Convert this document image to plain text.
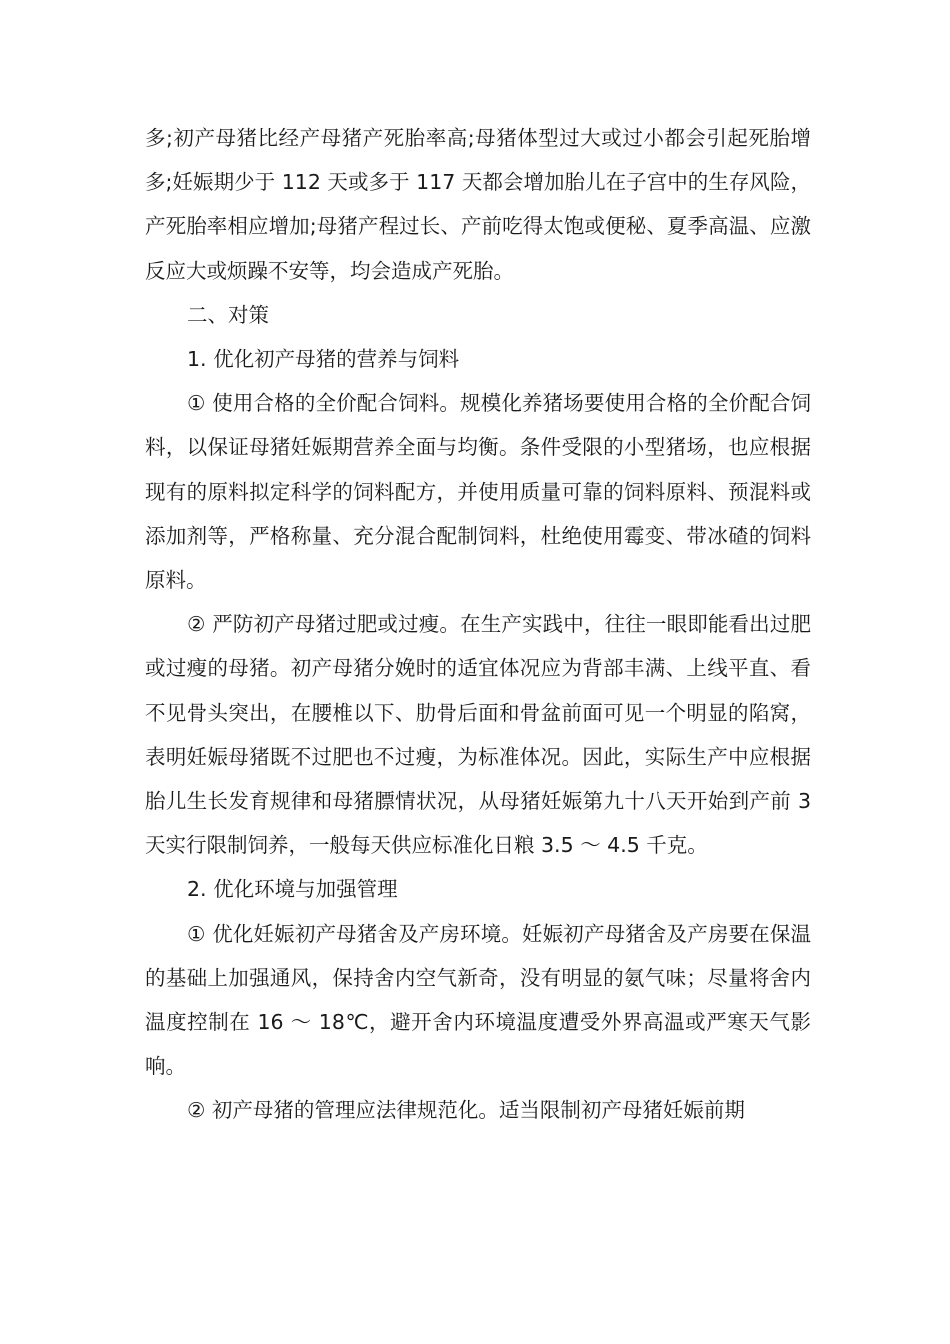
多;初产母猪比经产母猪产死胎率高;母猪体型过大或过小都会引起死胎增多;妊娠期少于 112 天或多于 117 天都会增加胎儿在子宫中的生存风险，产死胎率相应增加;母猪产程过长、产前吃得太饱或便秘、夏季高温、应激反应大或烦躁不安等，均会造成产死胎。

二、对策

1. 优化初产母猪的营养与饲料

① 使用合格的全价配合饲料。规模化养猪场要使用合格的全价配合饲料，以保证母猪妊娠期营养全面与均衡。条件受限的小型猪场，也应根据现有的原料拟定科学的饲料配方，并使用质量可靠的饲料原料、预混料或添加剂等，严格称量、充分混合配制饲料，杜绝使用霉变、带冰碴的饲料原料。

② 严防初产母猪过肥或过瘦。在生产实践中，往往一眼即能看出过肥或过瘦的母猪。初产母猪分娩时的适宜体况应为背部丰满、上线平直、看不见骨头突出，在腰椎以下、肋骨后面和骨盆前面可见一个明显的陷窝，表明妊娠母猪既不过肥也不过瘦，为标准体况。因此，实际生产中应根据胎儿生长发育规律和母猪膘情状况，从母猪妊娠第九十八天开始到产前 3 天实行限制饲养，一般每天供应标准化日粮 3.5 ～ 4.5 千克。

2. 优化环境与加强管理

① 优化妊娠初产母猪舍及产房环境。妊娠初产母猪舍及产房要在保温的基础上加强通风，保持舍内空气新奇，没有明显的氨气味；尽量将舍内温度控制在 16 ～ 18℃，避开舍内环境温度遭受外界高温或严寒天气影响。

② 初产母猪的管理应法律规范化。适当限制初产母猪妊娠前期
